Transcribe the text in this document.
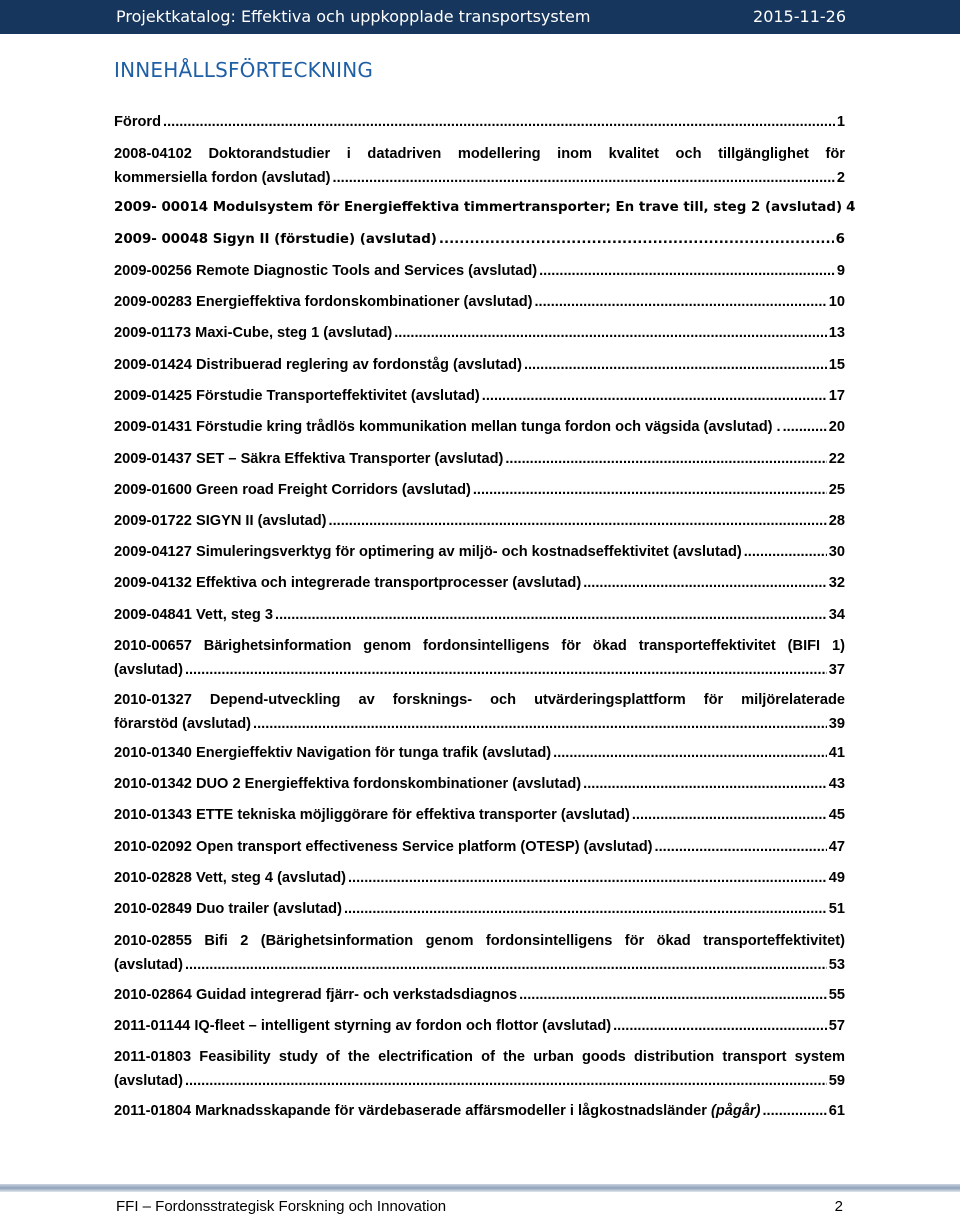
Projektkatalog: Effektiva och uppkopplade transportsystem	2015-11-26
INNEHÅLLSFÖRTECKNING
Förord .....	1
2008-04102 Doktorandstudier i datadriven modellering inom kvalitet och tillgänglighet för
kommersiella fordon (avslutad) .....	2
2009- 00014 Modulsystem för Energieffektiva timmertransporter; En trave till, steg 2 (avslutad) 4
2009- 00048 Sigyn II (förstudie) (avslutad) .....	6
2009-00256 Remote Diagnostic Tools and Services (avslutad) .....	9
2009-00283 Energieffektiva fordonskombinationer (avslutad) .....	10
2009-01173 Maxi-Cube, steg 1 (avslutad) .....	13
2009-01424 Distribuerad reglering av fordonståg (avslutad) .....	15
2009-01425 Förstudie Transporteffektivitet (avslutad) .....	17
2009-01431 Förstudie kring trådlös kommunikation mellan tunga fordon och vägsida (avslutad) . .....	20
2009-01437 SET – Säkra Effektiva Transporter (avslutad) .....	22
2009-01600 Green road Freight Corridors (avslutad) .....	25
2009-01722 SIGYN II (avslutad) .....	28
2009-04127 Simuleringsverktyg för optimering av miljö- och kostnadseffektivitet (avslutad) .....	30
2009-04132 Effektiva och integrerade transportprocesser (avslutad) .....	32
2009-04841 Vett, steg 3 .....	34
2010-00657 Bärighetsinformation genom fordonsintelligens för ökad transporteffektivitet (BIFI 1)
(avslutad) .....	37
2010-01327 Depend-utveckling av forsknings- och utvärderingsplattform för miljörelaterade
förarstöd (avslutad) .....	39
2010-01340 Energieffektiv Navigation för tunga trafik (avslutad) .....	41
2010-01342 DUO 2 Energieffektiva fordonskombinationer (avslutad) .....	43
2010-01343 ETTE tekniska möjliggörare för effektiva transporter (avslutad) .....	45
2010-02092 Open transport effectiveness Service platform (OTESP) (avslutad) .....	47
2010-02828 Vett, steg 4 (avslutad) .....	49
2010-02849 Duo trailer (avslutad) .....	51
2010-02855 Bifi 2 (Bärighetsinformation genom fordonsintelligens för ökad transporteffektivitet)
(avslutad) .....	53
2010-02864 Guidad integrerad fjärr- och verkstadsdiagnos .....	55
2011-01144 IQ-fleet – intelligent styrning av fordon och flottor (avslutad) .....	57
2011-01803 Feasibility study of the electrification of the urban goods distribution transport system
(avslutad) .....	59
2011-01804 Marknadsskapande för värdebaserade affärsmodeller i lågkostnadsländer (pågår) .....	61
FFI – Fordonsstrategisk Forskning och Innovation	2
